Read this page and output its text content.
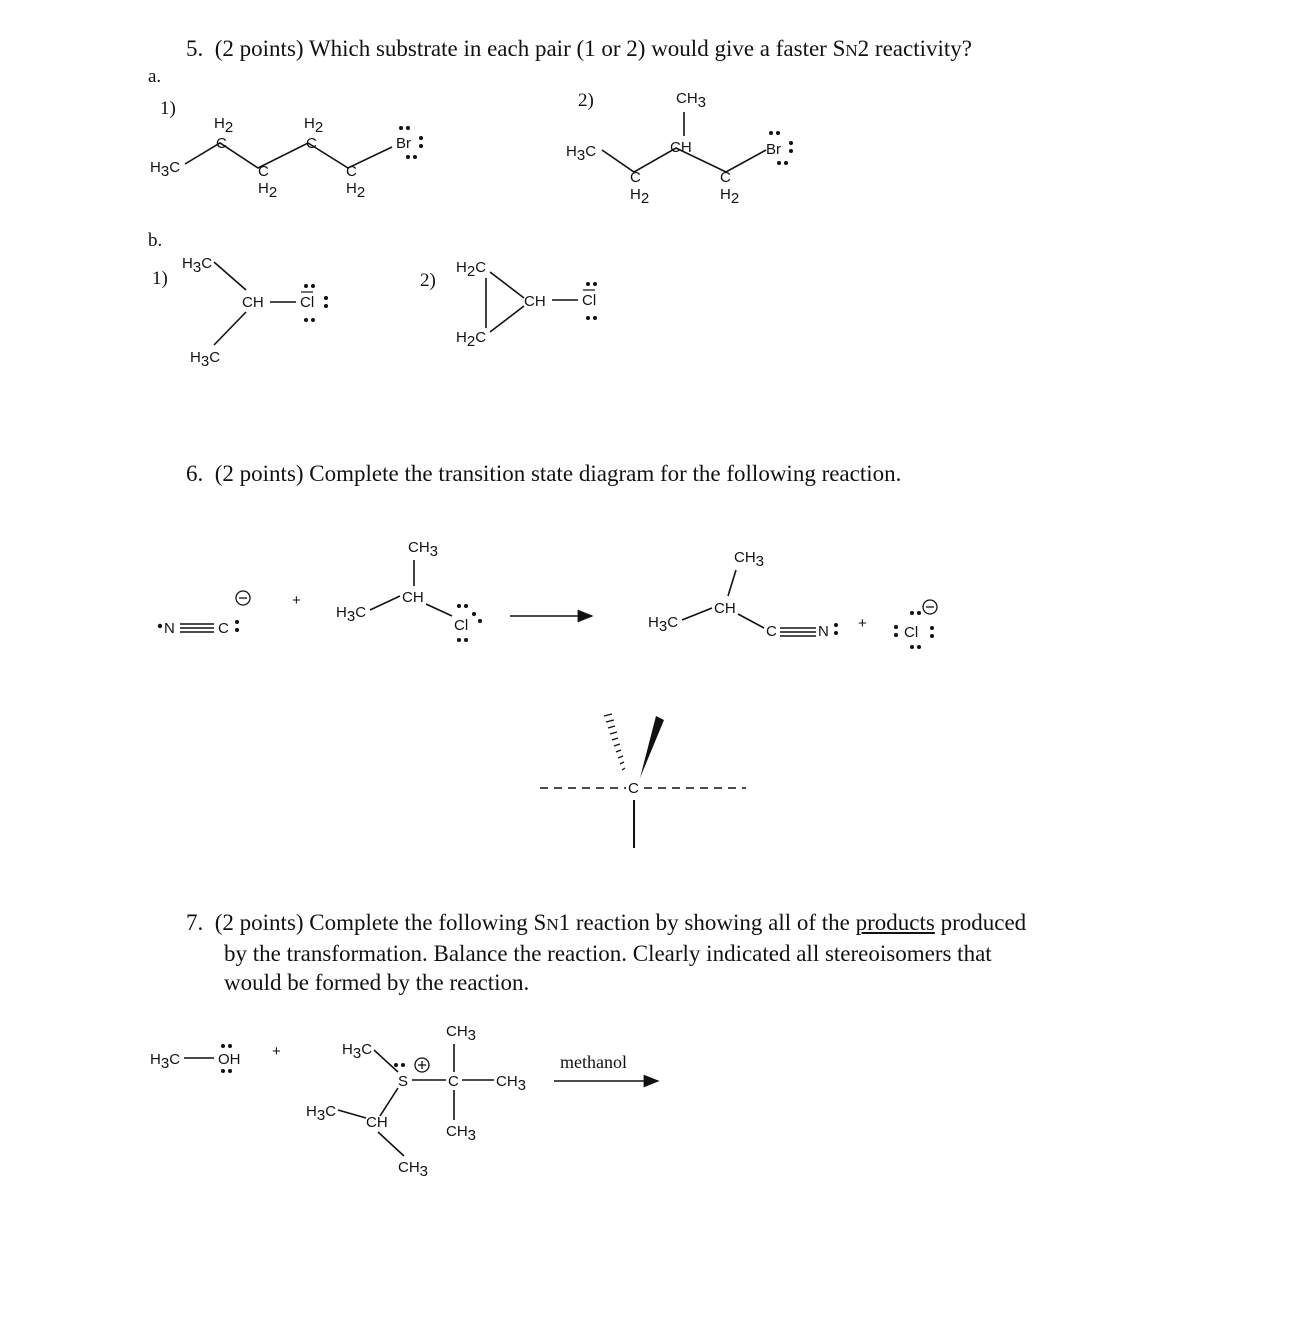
5. (2 points) Which substrate in each pair (1 or 2) would give a faster SN2 reactivity?
a.
1)	2)
b.
1)	2)
6. (2 points) Complete the transition state diagram for the following reaction.
7. (2 points) Complete the following SN1 reaction by showing all of the products produced
by the transformation. Balance the reaction. Clearly indicated all stereoisomers that
would be formed by the reaction.
methanol
H3C
H2
C
C
H2
H2
C
C
H2
Br	H3C
CH3
CH
C
H2
C
H2
Br
H3C
H3C
CH Cl
H2C
H2C
CH Cl
N	C
+
H3C
CH
CH3
Cl	H3C
CH
CH3
C	N +
Cl
C
H3C	OH +	H3C
S	C
CH3
CH3
CH3
H3C
CH
CH3
